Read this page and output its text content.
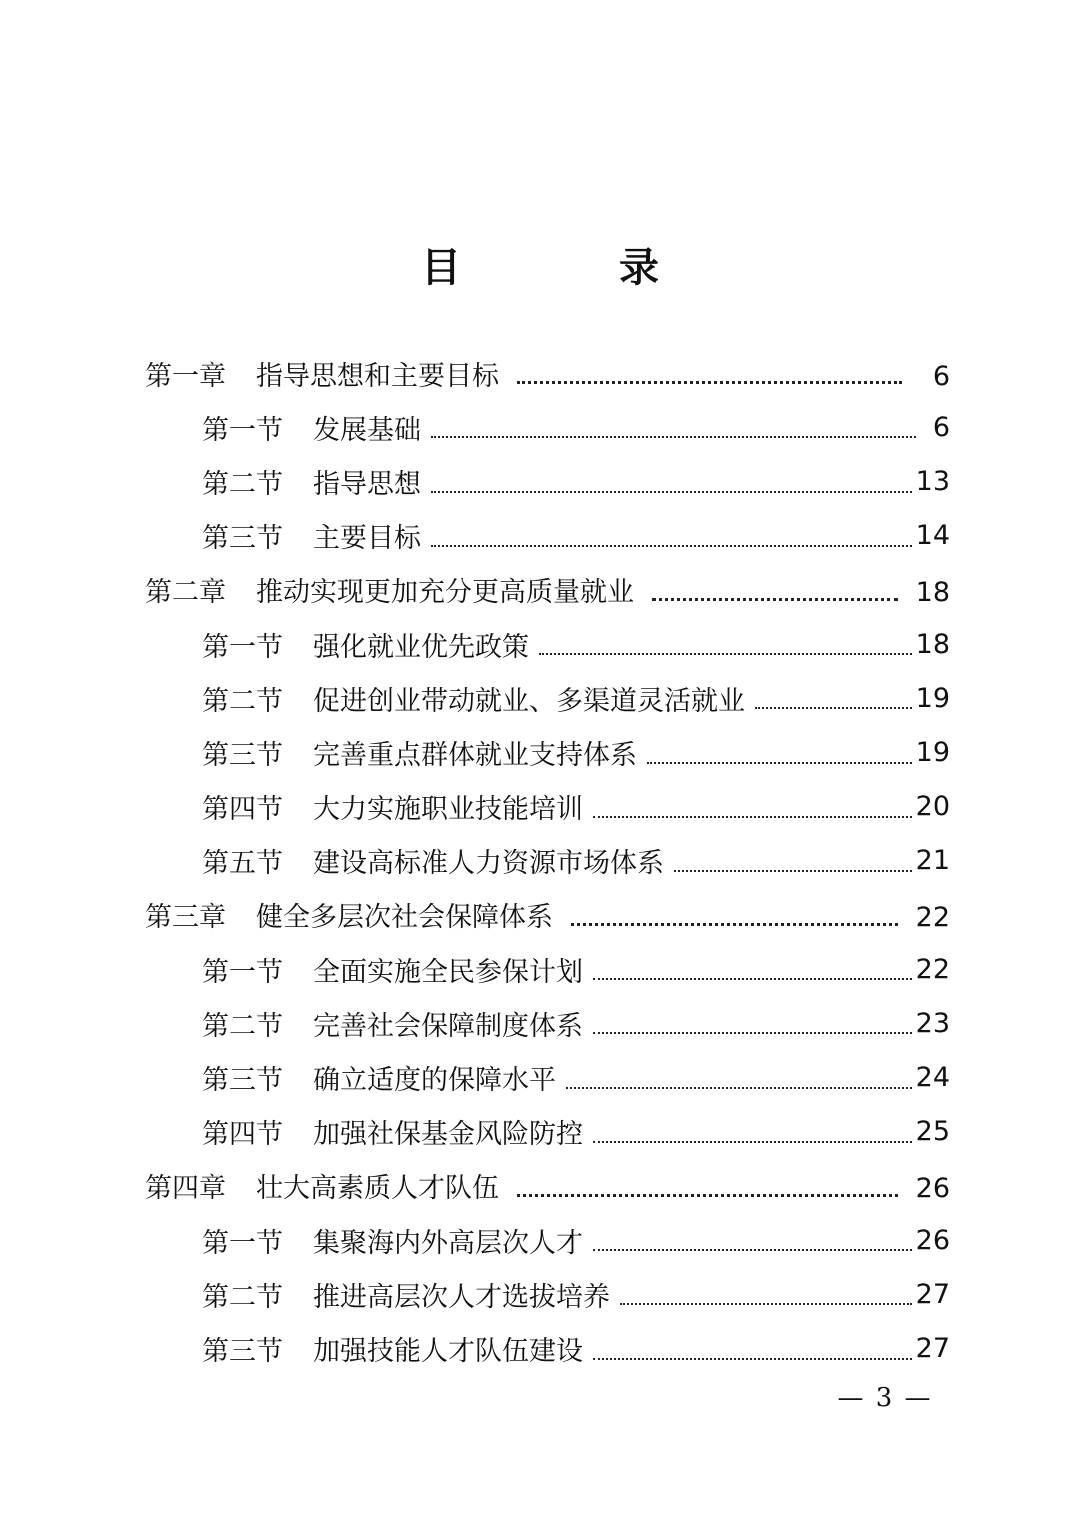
目 录
第一章 指导思想和主要目标	6
第一节 发展基础	6
第二节 指导思想	13
第三节 主要目标	14
第二章 推动实现更加充分更高质量就业	18
第一节 强化就业优先政策	18
第二节 促进创业带动就业、多渠道灵活就业	19
第三节 完善重点群体就业支持体系	19
第四节 大力实施职业技能培训	20
第五节 建设高标准人力资源市场体系	21
第三章 健全多层次社会保障体系	22
第一节 全面实施全民参保计划	22
第二节 完善社会保障制度体系	23
第三节 确立适度的保障水平	24
第四节 加强社保基金风险防控	25
第四章 壮大高素质人才队伍	26
第一节 集聚海内外高层次人才	26
第二节 推进高层次人才选拔培养	27
第三节 加强技能人才队伍建设	27
— 3 —
